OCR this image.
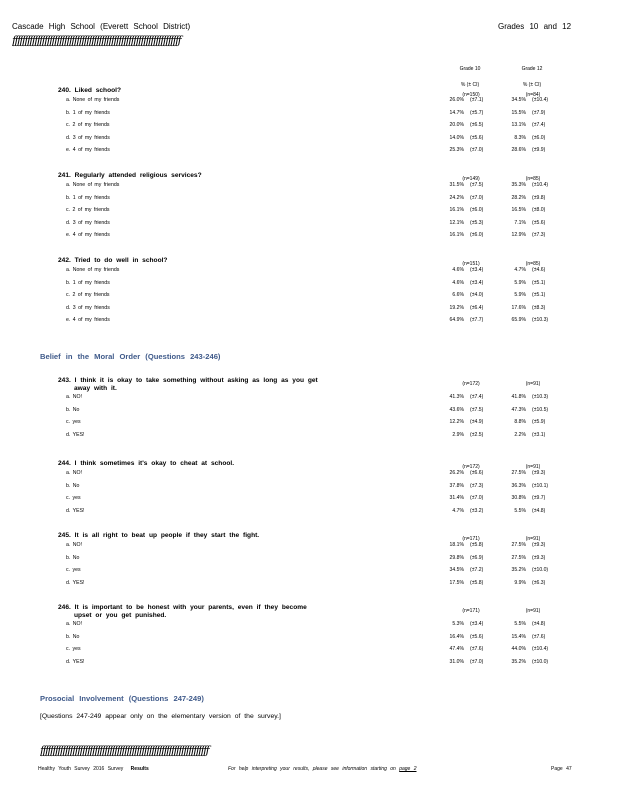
Cascade High School (Everett School District)	Grades 10 and 12
ƒƒƒƒƒƒƒƒƒƒƒƒƒƒƒƒƒƒƒƒƒƒƒƒƒƒƒƒƒƒƒƒƒƒƒƒƒƒƒƒƒƒƒƒƒƒƒƒƒƒƒƒƒƒƒƒƒƒƒƒƒƒƒƒƒƒƒƒ
Grade 10	Grade 12
% (± CI)	% (± CI)
240. Liked school?
(n=150)	(n=84)
a. None of my friends	26.0% (±7.1)	34.5% (±10.4)
b. 1 of my friends	14.7% (±5.7)	15.5% (±7.9)
c. 2 of my friends	20.0% (±6.5)	13.1% (±7.4)
d. 3 of my friends	14.0% (±5.6)	8.3% (±6.0)
e. 4 of my friends	25.3% (±7.0)	28.6% (±9.9)
241. Regularly attended religious services?	(n=149)	(n=85)
a. None of my friends	31.5% (±7.5)	35.3% (±10.4)
b. 1 of my friends	24.2% (±7.0)	28.2% (±9.8)
c. 2 of my friends	16.1% (±6.0)	16.5% (±8.0)
d. 3 of my friends	12.1% (±5.3)	7.1% (±5.6)
e. 4 of my friends	16.1% (±6.0)	12.9% (±7.3)
242. Tried to do well in school?	(n=151)	(n=85)
a. None of my friends	4.6% (±3.4)	4.7% (±4.6)
b. 1 of my friends	4.6% (±3.4)	5.9% (±5.1)
c. 2 of my friends	6.6% (±4.0)	5.9% (±5.1)
d. 3 of my friends	19.2% (±6.4)	17.6% (±8.3)
e. 4 of my friends	64.9% (±7.7)	65.9% (±10.3)
243. I think it is okay to take something without asking as long as you get
away with it.
(n=172)	(n=91)
a. NO!	41.3% (±7.4)	41.8% (±10.3)
b. No	43.6% (±7.5)	47.3% (±10.5)
c. yes	12.2% (±4.9)	8.8% (±5.9)
d. YES!	2.9% (±2.5)	2.2% (±3.1)
244. I think sometimes it's okay to cheat at school.	(n=172)	(n=91)
a. NO!	26.2% (±6.6)	27.5% (±9.3)
b. No	37.8% (±7.3)	36.3% (±10.1)
c. yes	31.4% (±7.0)	30.8% (±9.7)
d. YES!	4.7% (±3.2)	5.5% (±4.8)
245. It is all right to beat up people if they start the fight.	(n=171)	(n=91)
a. NO!	18.1% (±5.8)	27.5% (±9.3)
b. No	29.8% (±6.9)	27.5% (±9.3)
c. yes	34.5% (±7.2)	35.2% (±10.0)
d. YES!	17.5% (±5.8)	9.9% (±6.3)
246. It is important to be honest with your parents, even if they become
upset or you get punished.
(n=171)	(n=91)
a. NO!	5.3% (±3.4)	5.5% (±4.8)
b. No	16.4% (±5.6)	15.4% (±7.6)
c. yes	47.4% (±7.6)	44.0% (±10.4)
d. YES!	31.0% (±7.0)	35.2% (±10.0)
Belief in the Moral Order (Questions 243-246)
Prosocial Involvement (Questions 247-249)
[Questions 247-249 appear only on the elementary version of the survey.]
ƒƒƒƒƒƒƒƒƒƒƒƒƒƒƒƒƒƒƒƒƒƒƒƒƒƒƒƒƒƒƒƒƒƒƒƒƒƒƒƒƒƒƒƒƒƒƒƒƒƒƒƒƒƒƒƒƒƒƒƒƒƒƒƒƒƒƒƒ
Healthy Youth Survey 2016 Survey Results	For help interpreting your results, please see information starting on page 2	Page 47
